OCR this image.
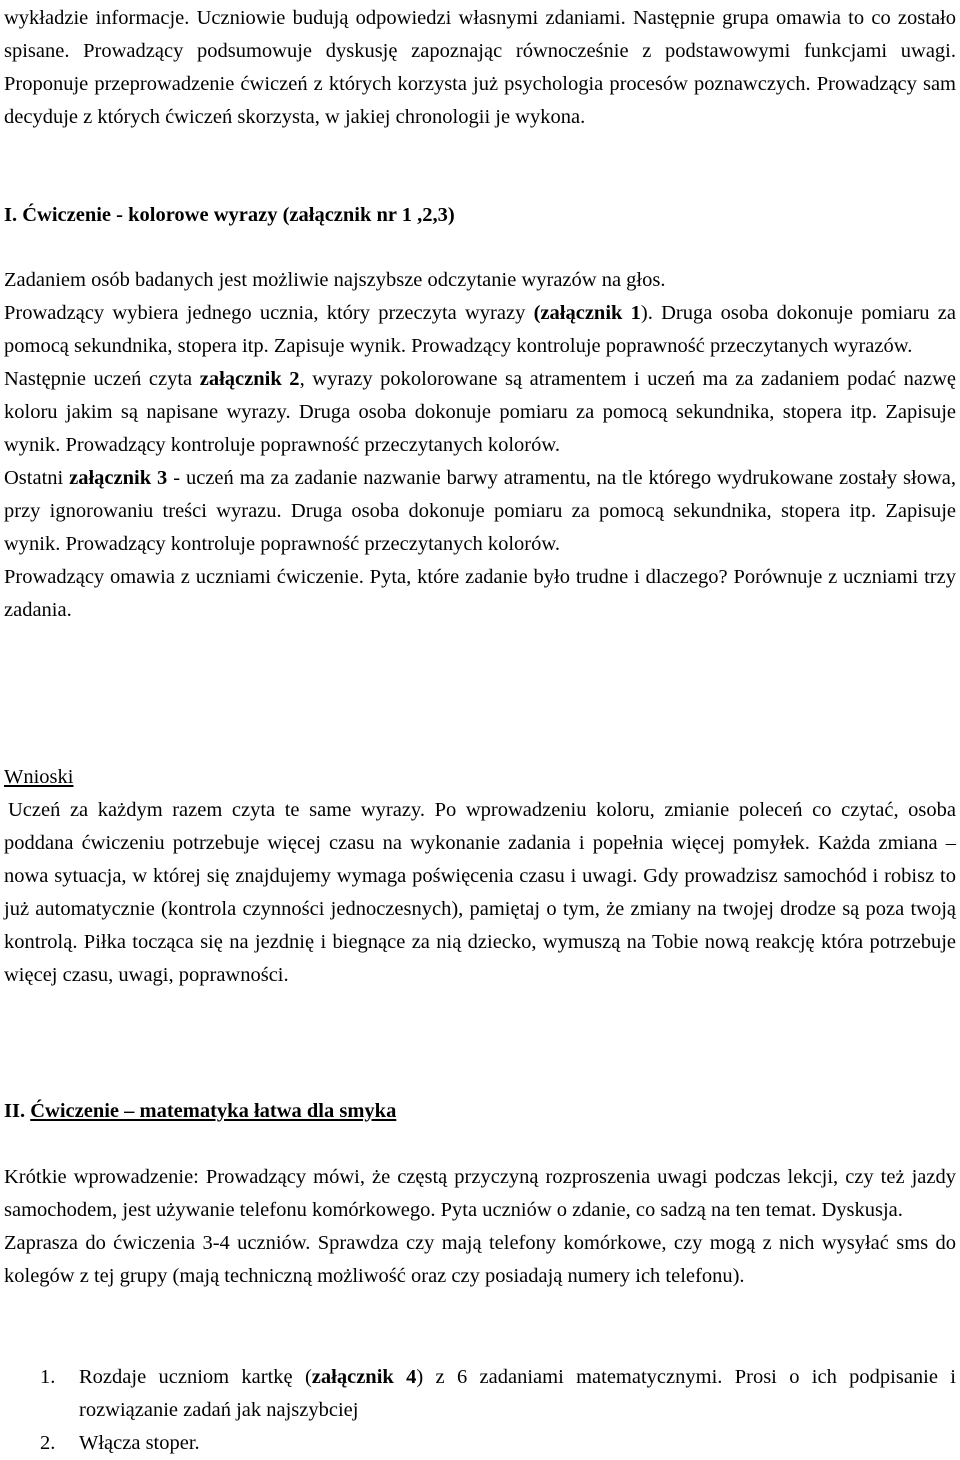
wykładzie informacje. Uczniowie budują odpowiedzi własnymi zdaniami. Następnie grupa omawia to co zostało spisane. Prowadzący podsumowuje dyskusję zapoznając równocześnie z podstawowymi funkcjami uwagi. Proponuje przeprowadzenie ćwiczeń z których korzysta już psychologia procesów poznawczych. Prowadzący sam decyduje z których ćwiczeń skorzysta, w jakiej chronologii je wykona.

I. Ćwiczenie - kolorowe wyrazy (załącznik nr 1 ,2,3)

Zadaniem osób badanych jest możliwie najszybsze odczytanie wyrazów na głos.

Prowadzący wybiera jednego ucznia, który przeczyta wyrazy (załącznik 1). Druga osoba dokonuje pomiaru za pomocą sekundnika, stopera itp. Zapisuje wynik. Prowadzący kontroluje poprawność przeczytanych wyrazów.

Następnie uczeń czyta załącznik 2, wyrazy pokolorowane są atramentem i uczeń ma za zadaniem podać nazwę koloru jakim są napisane wyrazy. Druga osoba dokonuje pomiaru za pomocą sekundnika, stopera itp. Zapisuje wynik. Prowadzący kontroluje poprawność przeczytanych kolorów.

Ostatni załącznik 3 - uczeń ma za zadanie nazwanie barwy atramentu, na tle którego wydrukowane zostały słowa, przy ignorowaniu treści wyrazu. Druga osoba dokonuje pomiaru za pomocą sekundnika, stopera itp. Zapisuje wynik. Prowadzący kontroluje poprawność przeczytanych kolorów.

Prowadzący omawia z uczniami ćwiczenie. Pyta, które zadanie było trudne i dlaczego? Porównuje z uczniami trzy zadania.

Wnioski

Uczeń za każdym razem czyta te same wyrazy. Po wprowadzeniu koloru, zmianie poleceń co czytać, osoba poddana ćwiczeniu potrzebuje więcej czasu na wykonanie zadania i popełnia więcej pomyłek. Każda zmiana – nowa sytuacja, w której się znajdujemy wymaga poświęcenia czasu i uwagi. Gdy prowadzisz samochód i robisz to już automatycznie (kontrola czynności jednoczesnych), pamiętaj o tym, że zmiany na twojej drodze są poza twoją kontrolą. Piłka tocząca się na jezdnię i biegnące za nią dziecko, wymuszą na Tobie nową reakcję która potrzebuje więcej czasu, uwagi, poprawności.

II. Ćwiczenie – matematyka łatwa dla smyka

Krótkie wprowadzenie: Prowadzący mówi, że częstą przyczyną rozproszenia uwagi podczas lekcji, czy też jazdy samochodem, jest używanie telefonu komórkowego. Pyta uczniów o zdanie, co sadzą na ten temat. Dyskusja.

Zaprasza do ćwiczenia 3-4 uczniów. Sprawdza czy mają telefony komórkowe, czy mogą z nich wysyłać sms do kolegów z tej grupy (mają techniczną możliwość oraz czy posiadają numery ich telefonu).

1. Rozdaje uczniom kartkę (załącznik 4) z 6 zadaniami matematycznymi. Prosi o ich podpisanie i rozwiązanie zadań jak najszybciej
2. Włącza stoper.
